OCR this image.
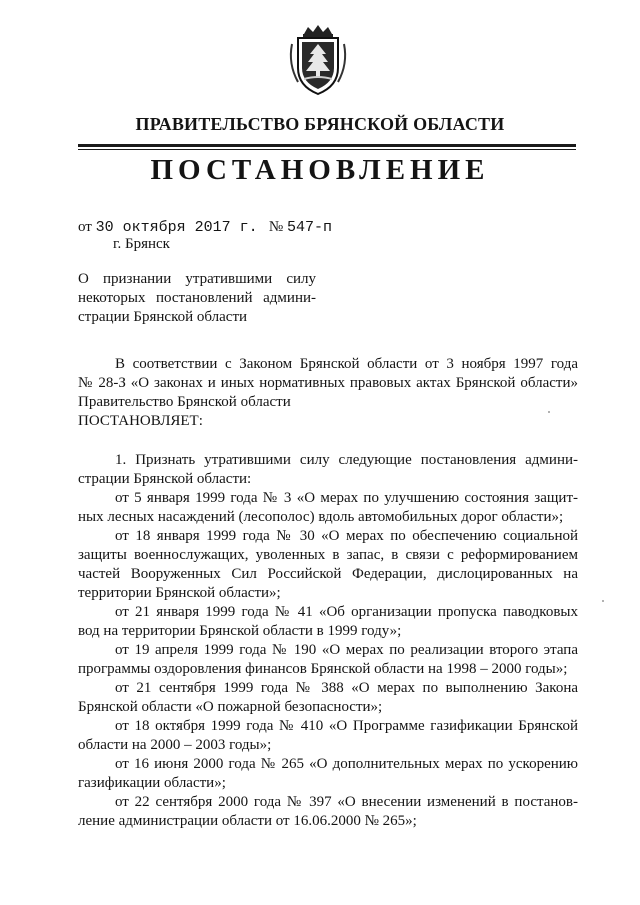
ПРАВИТЕЛЬСТВО БРЯНСКОЙ ОБЛАСТИ
ПОСТАНОВЛЕНИЕ
от 30 октября 2017 г. № 547-п
г. Брянск
О признании утратившими силу
некоторых постановлений админи-
страции Брянской области
В соответствии с Законом Брянской области от 3 ноября 1997 года
№ 28-З «О законах и иных нормативных правовых актах Брянской области»
Правительство Брянской области
ПОСТАНОВЛЯЕТ:
1. Признать утратившими силу следующие постановления админи-
страции Брянской области:
от 5 января 1999 года № 3 «О мерах по улучшению состояния защит-
ных лесных насаждений (лесополос) вдоль автомобильных дорог области»;
от 18 января 1999 года № 30 «О мерах по обеспечению социальной
защиты военнослужащих, уволенных в запас, в связи с реформированием
частей Вооруженных Сил Российской Федерации, дислоцированных на
территории Брянской области»;
от 21 января 1999 года № 41 «Об организации пропуска паводковых
вод на территории Брянской области в 1999 году»;
от 19 апреля 1999 года № 190 «О мерах по реализации второго этапа
программы оздоровления финансов Брянской области на 1998 – 2000 годы»;
от 21 сентября 1999 года № 388 «О мерах по выполнению Закона
Брянской области «О пожарной безопасности»;
от 18 октября 1999 года № 410 «О Программе газификации Брянской
области на 2000 – 2003 годы»;
от 16 июня 2000 года № 265 «О дополнительных мерах по ускорению
газификации области»;
от 22 сентября 2000 года № 397 «О внесении изменений в постанов-
ление администрации области от 16.06.2000 № 265»;
